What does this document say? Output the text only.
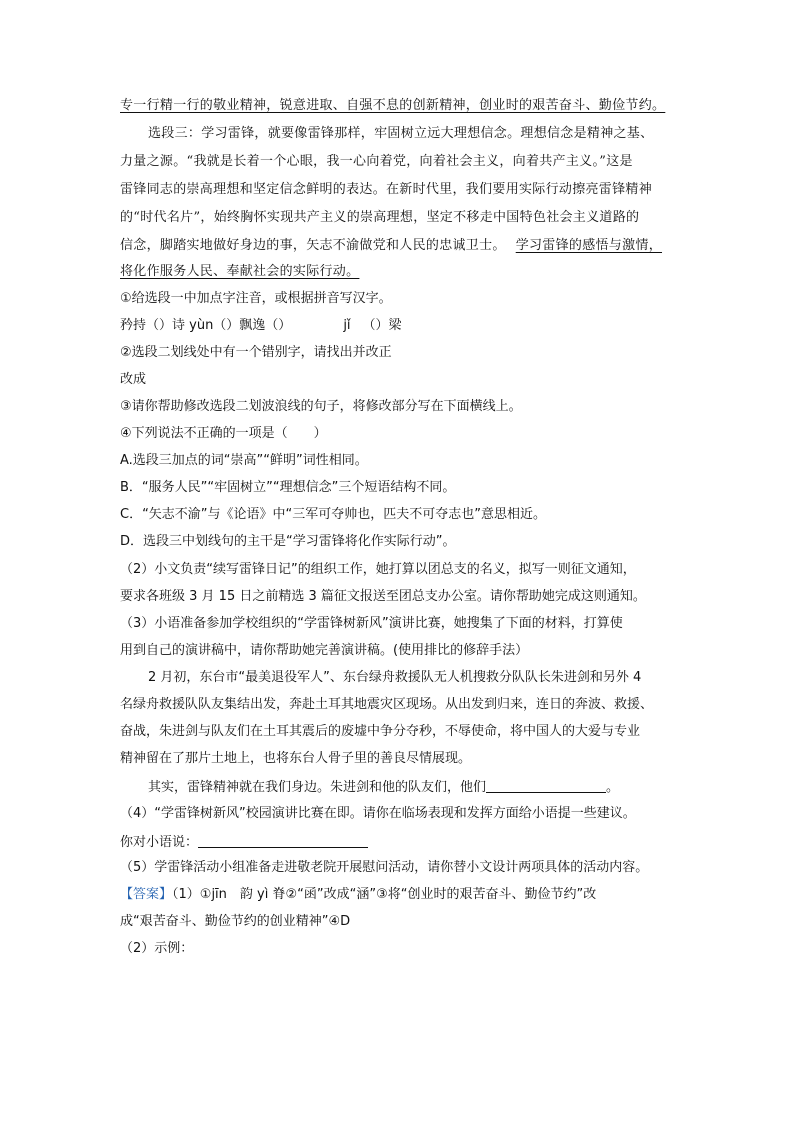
专一行精一行的敬业精神，锐意进取、自强不息的创新精神，创业时的艰苦奋斗、勤俭节约。
选段三：学习雷锋，就要像雷锋那样，牢固树立远大理想信念。理想信念是精神之基、
力量之源。“我就是长着一个心眼，我一心向着党，向着社会主义，向着共产主义。”这是
雷锋同志的崇高理想和坚定信念鲜明的表达。在新时代里，我们要用实际行动擦亮雷锋精神
的“时代名片”，始终胸怀实现共产主义的崇高理想，坚定不移走中国特色社会主义道路的
信念，脚踏实地做好身边的事，矢志不渝做党和人民的忠诚卫士。 学习雷锋的感悟与激情，
将化作服务人民、奉献社会的实际行动。
①给选段一中加点字注音，或根据拼音写汉字。
矜持（）诗 yùn（）飘逸（）	jǐ （）梁
②选段二划线处中有一个错别字，请找出并改正
改成
③请你帮助修改选段二划波浪线的句子，将修改部分写在下面横线上。
④下列说法不正确的一项是（　　）
A.选段三加点的词“崇高”“鲜明”词性相同。
B．“服务人民”“牢固树立”“理想信念”三个短语结构不同。
C．“矢志不渝”与《论语》中“三军可夺帅也，匹夫不可夺志也”意思相近。
D．选段三中划线句的主干是“学习雷锋将化作实际行动”。
（2）小文负责“续写雷锋日记”的组织工作，她打算以团总支的名义，拟写一则征文通知，
要求各班级 3 月 15 日之前精选 3 篇征文报送至团总支办公室。请你帮助她完成这则通知。
（3）小语准备参加学校组织的“学雷锋树新风”演讲比赛，她搜集了下面的材料，打算使
用到自己的演讲稿中，请你帮助她完善演讲稿。(使用排比的修辞手法）
2 月初，东台市“最美退役军人”、东台绿舟救援队无人机搜救分队队长朱进剑和另外 4
名绿舟救援队队友集结出发，奔赴土耳其地震灾区现场。从出发到归来，连日的奔波、救援、
奋战，朱进剑与队友们在土耳其震后的废墟中争分夺秒，不辱使命，将中国人的大爱与专业
精神留在了那片土地上，也将东台人骨子里的善良尽情展现。
其实，雷锋精神就在我们身边。朱进剑和他的队友们，他们	。
（4）“学雷锋树新风”校园演讲比赛在即。请你在临场表现和发挥方面给小语提一些建议。
你对小语说：
（5）学雷锋活动小组准备走进敬老院开展慰问活动，请你替小文设计两项具体的活动内容。
【答案】（1）①jīn　韵 yì 脊②“函”改成“涵”③将“创业时的艰苦奋斗、勤俭节约”改
成“艰苦奋斗、勤俭节约的创业精神”④D
（2）示例：
